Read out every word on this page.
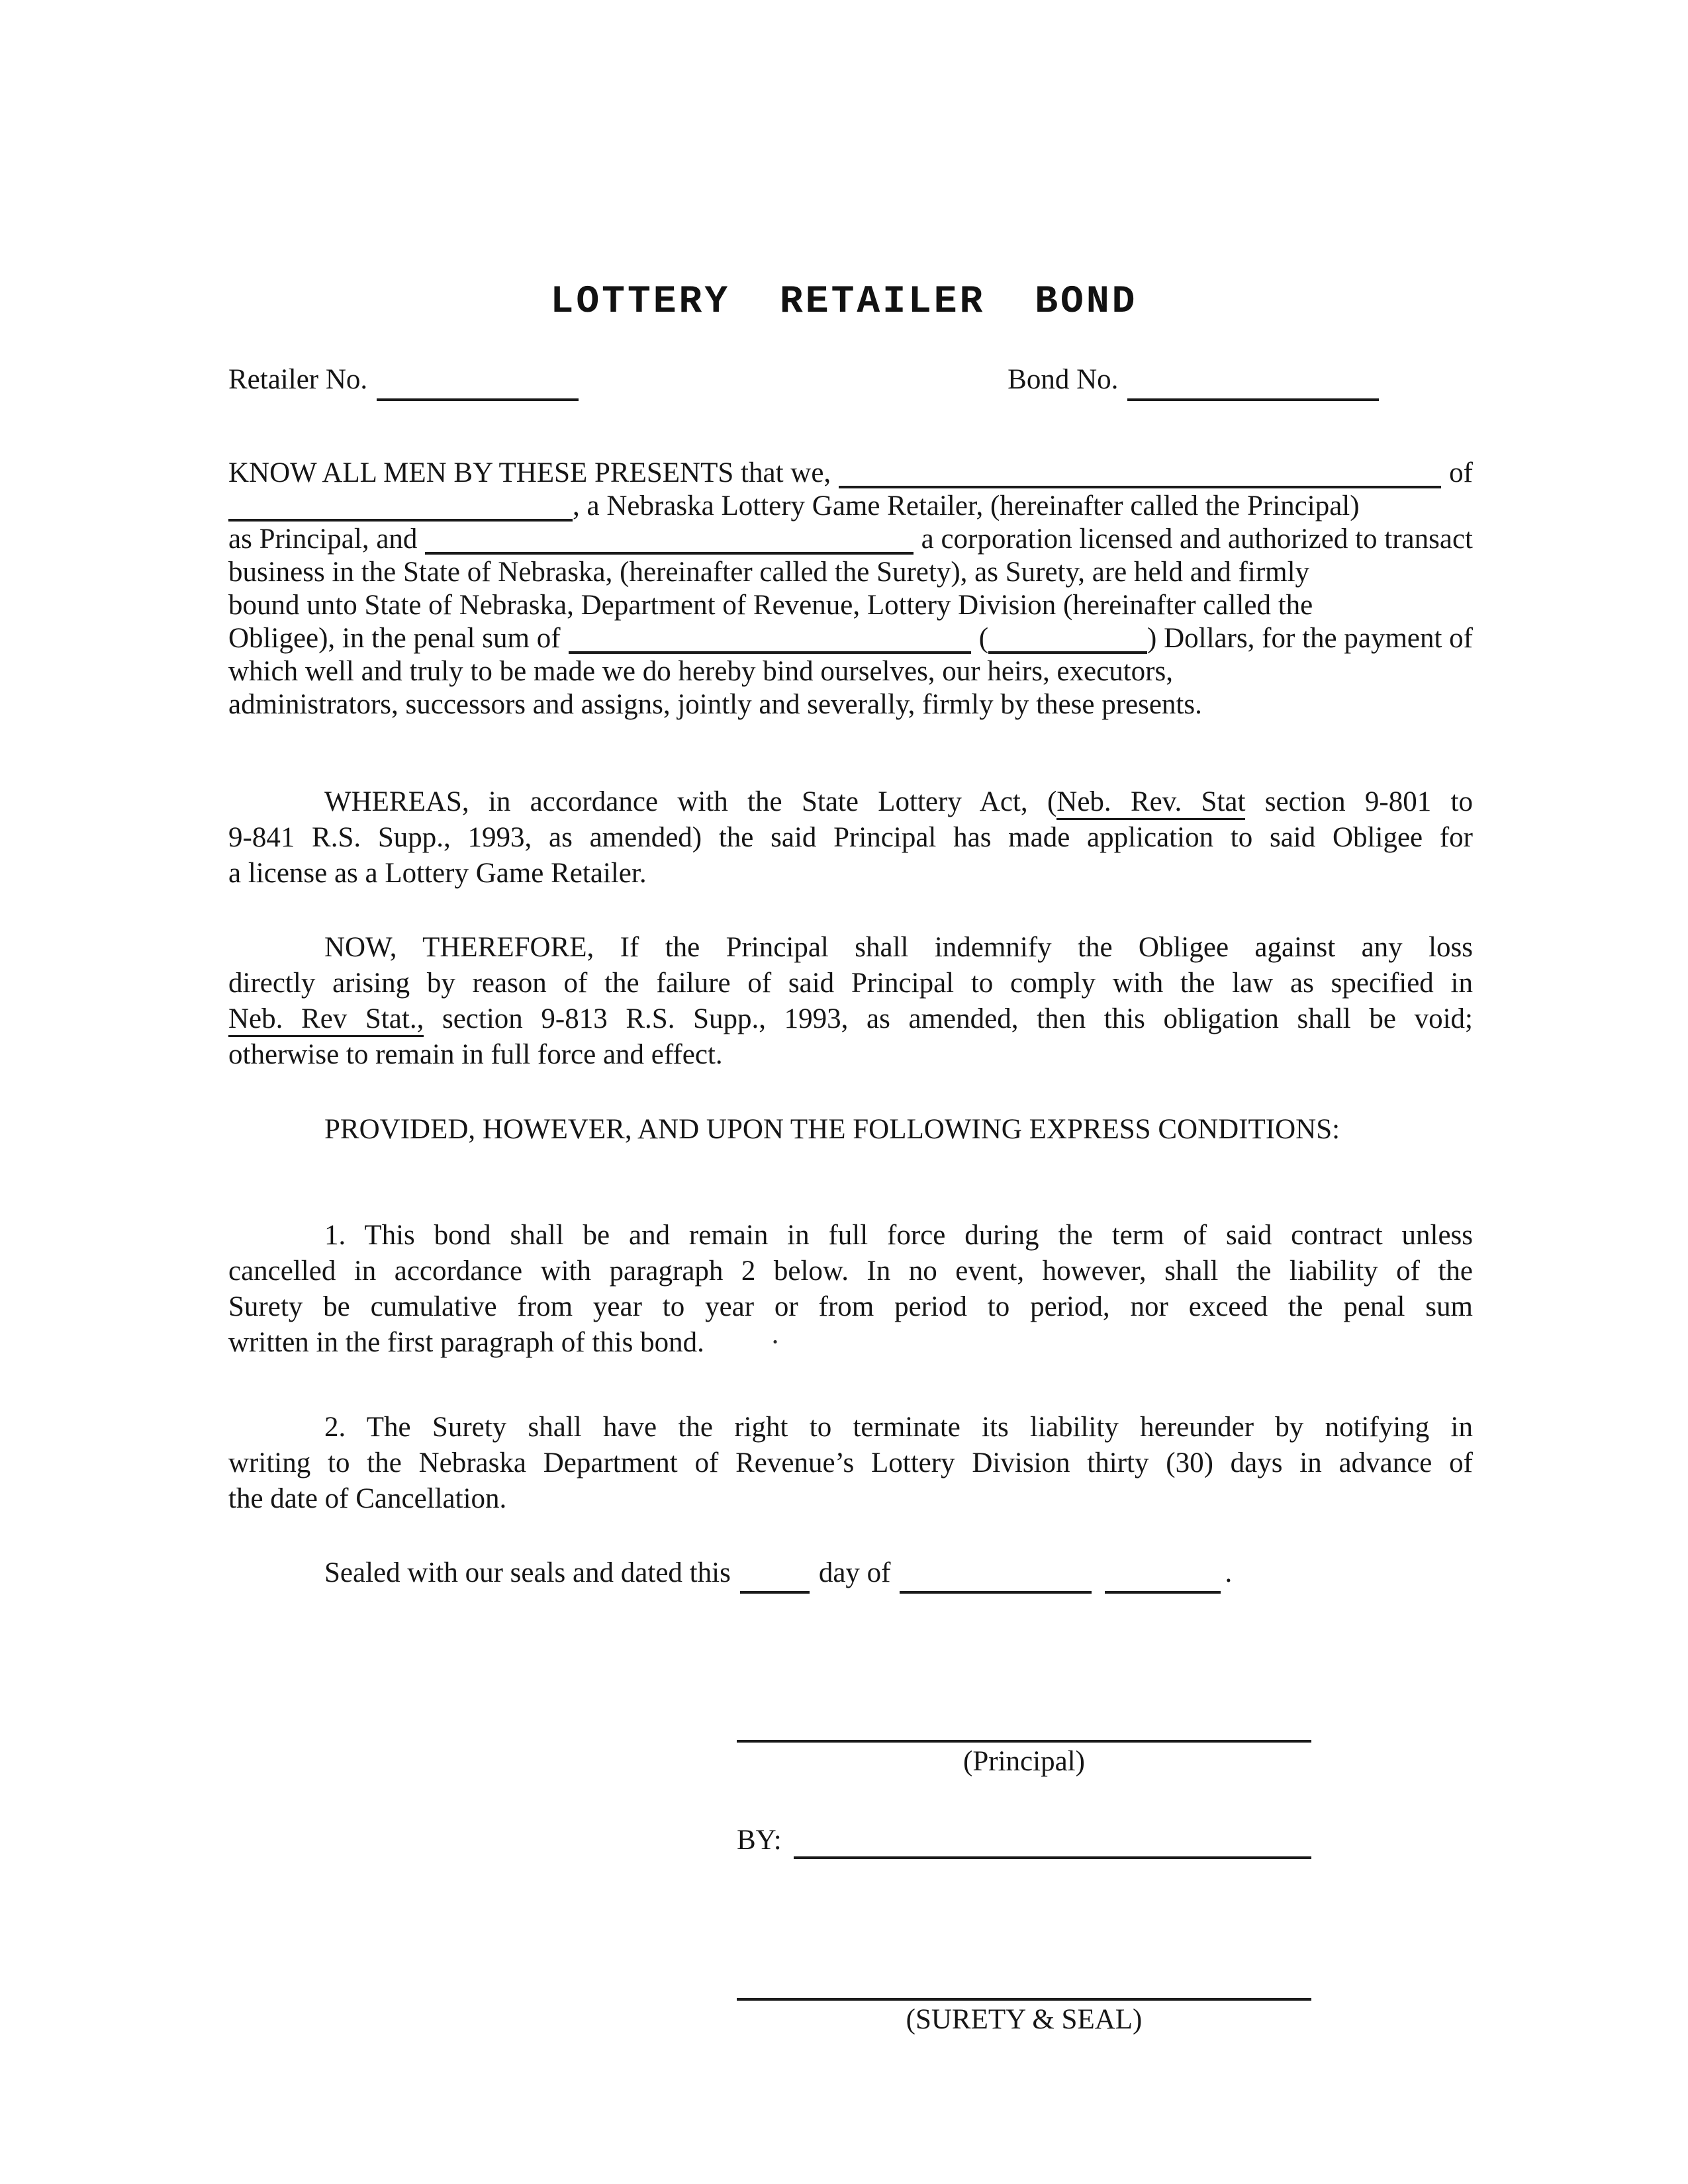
LOTTERY RETAILER BOND
Retailer No.	Bond No.
KNOW ALL MEN BY THESE PRESENTS that we,	of
, a Nebraska Lottery Game Retailer, (hereinafter called the Principal)
as Principal, and	a corporation licensed and authorized to transact
business in the State of Nebraska, (hereinafter called the Surety), as Surety, are held and firmly
bound unto State of Nebraska, Department of Revenue, Lottery Division (hereinafter called the
Obligee), in the penal sum of	(	) Dollars, for the payment of
which well and truly to be made we do hereby bind ourselves, our heirs, executors,
administrators, successors and assigns, jointly and severally, firmly by these presents.
WHEREAS, in accordance with the State Lottery Act, (Neb. Rev. Stat section 9-801 to
9-841 R.S. Supp., 1993, as amended) the said Principal has made application to said Obligee for
a license as a Lottery Game Retailer.
NOW, THEREFORE, If the Principal shall indemnify the Obligee against any loss
directly arising by reason of the failure of said Principal to comply with the law as specified in
Neb. Rev Stat., section 9-813 R.S. Supp., 1993, as amended, then this obligation shall be void;
otherwise to remain in full force and effect.
PROVIDED, HOWEVER, AND UPON THE FOLLOWING EXPRESS CONDITIONS:
1. This bond shall be and remain in full force during the term of said contract unless
cancelled in accordance with paragraph 2 below. In no event, however, shall the liability of the
Surety be cumulative from year to year or from period to period, nor exceed the penal sum
written in the first paragraph of this bond. ·
2. The Surety shall have the right to terminate its liability hereunder by notifying in
writing to the Nebraska Department of Revenue’s Lottery Division thirty (30) days in advance of
the date of Cancellation.
Sealed with our seals and dated this	day of	.
(Principal)
BY:
(SURETY & SEAL)
